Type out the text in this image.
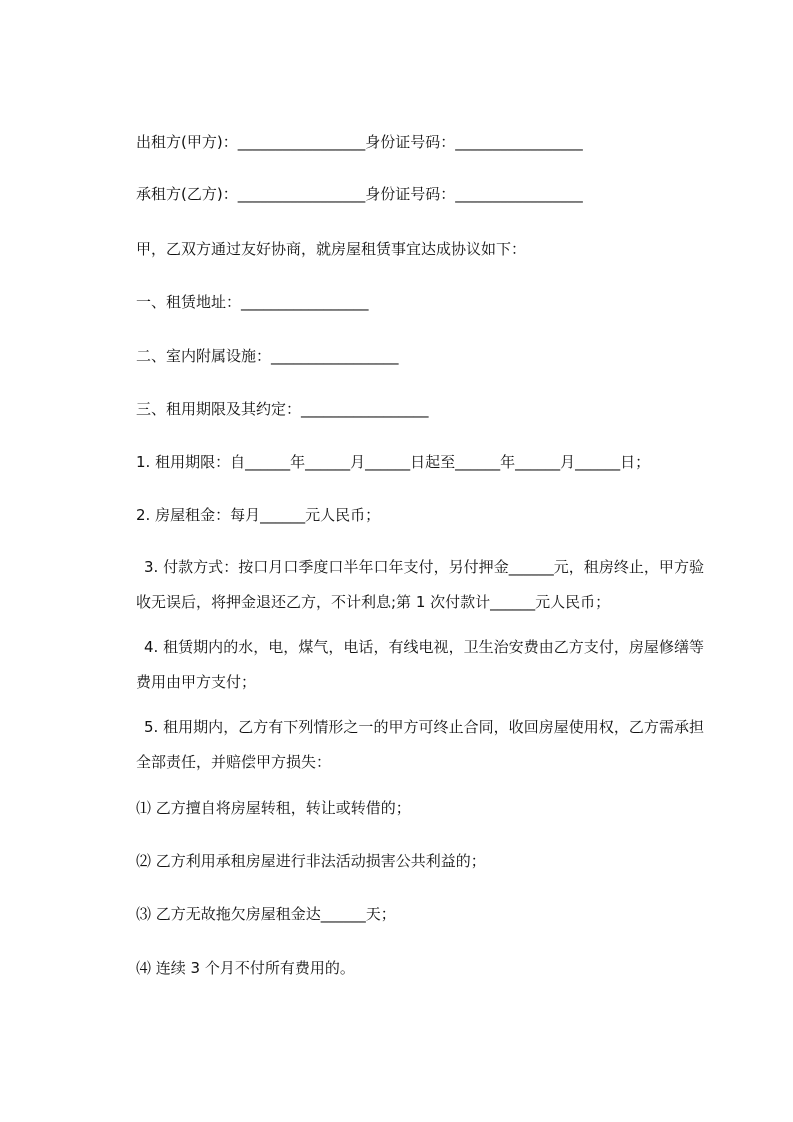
出租方(甲方)：_________________身份证号码：_________________

承租方(乙方)：_________________身份证号码：_________________

甲，乙双方通过友好协商，就房屋租赁事宜达成协议如下：

一、租赁地址：_________________

二、室内附属设施：_________________

三、租用期限及其约定：_________________

1. 租用期限：自______年______月______日起至______年______月______日；

2. 房屋租金：每月______元人民币；

3. 付款方式：按口月口季度口半年口年支付，另付押金______元，租房终止，甲方验收无误后，将押金退还乙方，不计利息;第 1 次付款计______元人民币；

4. 租赁期内的水，电，煤气，电话，有线电视，卫生治安费由乙方支付，房屋修缮等费用由甲方支付；

5. 租用期内，乙方有下列情形之一的甲方可终止合同，收回房屋使用权，乙方需承担全部责任，并赔偿甲方损失：

⑴ 乙方擅自将房屋转租，转让或转借的；

⑵ 乙方利用承租房屋进行非法活动损害公共利益的；

⑶ 乙方无故拖欠房屋租金达______天；

⑷ 连续 3 个月不付所有费用的。
